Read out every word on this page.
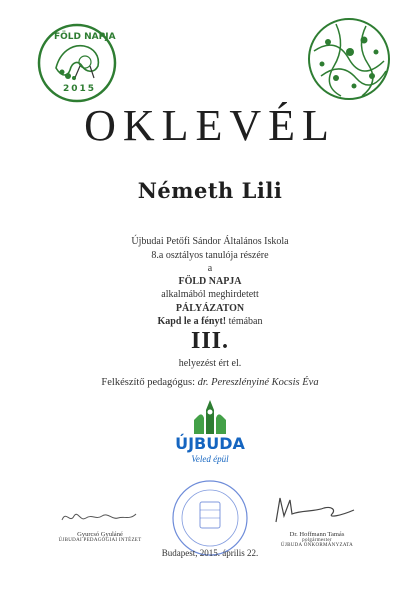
FÖLD NAPJA
2015
OKLEVÉL
Németh Lili
Újbudai Petőfi Sándor Általános Iskola
8.a osztályos tanulója részére
a
FÖLD NAPJA
alkalmából meghirdetett
PÁLYÁZATON
Kapd le a fényt! témában
III.
helyezést ért el.
Felkészítő pedagógus: dr. Pereszlényiné Kocsis Éva
ÚJBUDA
Veled épül
Gyurcsó Gyuláné
ÚJBUDAI PEDAGÓGIAI INTÉZET
Dr. Hoffmann Tamás
polgármester
ÚJBUDA ÖNKORMÁNYZATA
Budapest, 2015. április 22.
